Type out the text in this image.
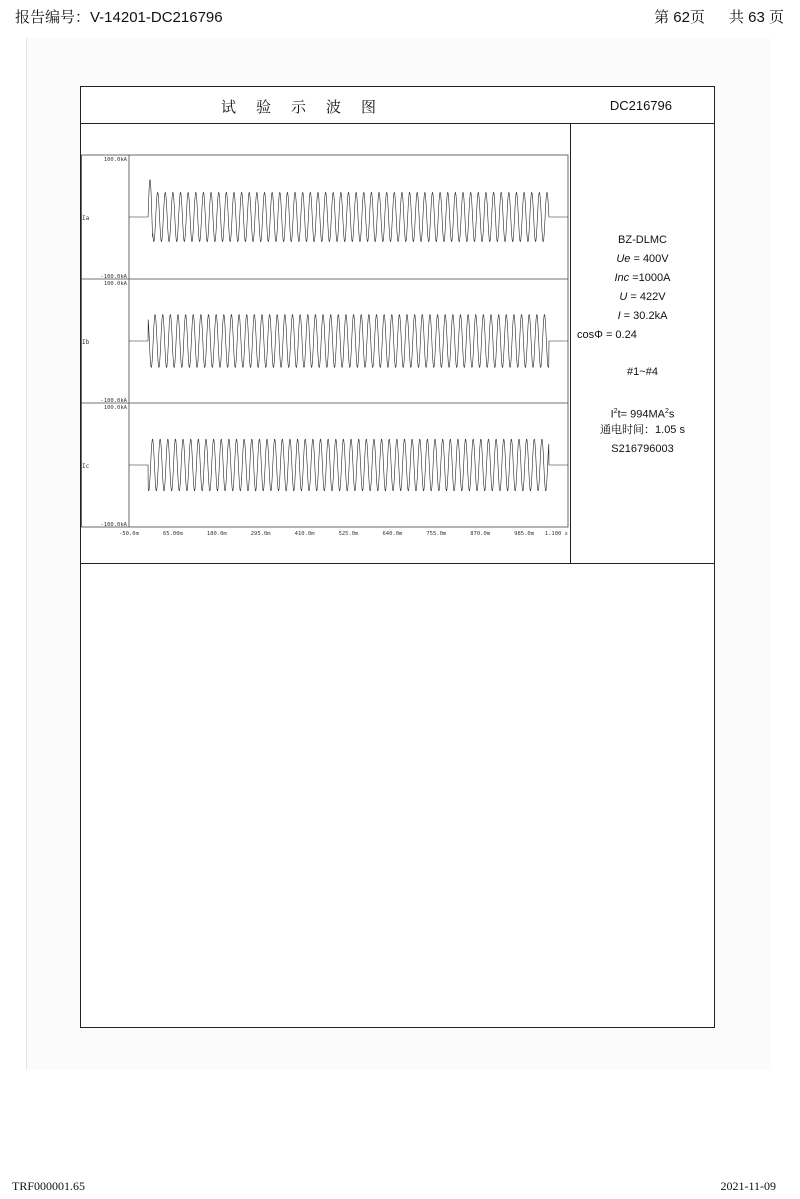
报告编号：V-14201-DC216796	第 62页 共 63 页
试验示波图	DC216796
100.0kA
-100.0kA
Ia
100.0kA
-100.0kA
Ib
100.0kA
-100.0kA
Ic
-50.0m	65.00m	180.0m	295.0m	410.0m	525.0m	640.0m	755.0m	870.0m	985.0m 1.100 s
BZ-DLMC
Ue = 400V
Inc =1000A
U = 422V
I = 30.2kA
cosΦ = 0.24
#1~#4
$I^2t= 994MA^2s$
通电时间：1.05 s
S216796003
TRF000001.65	2021-11-09
